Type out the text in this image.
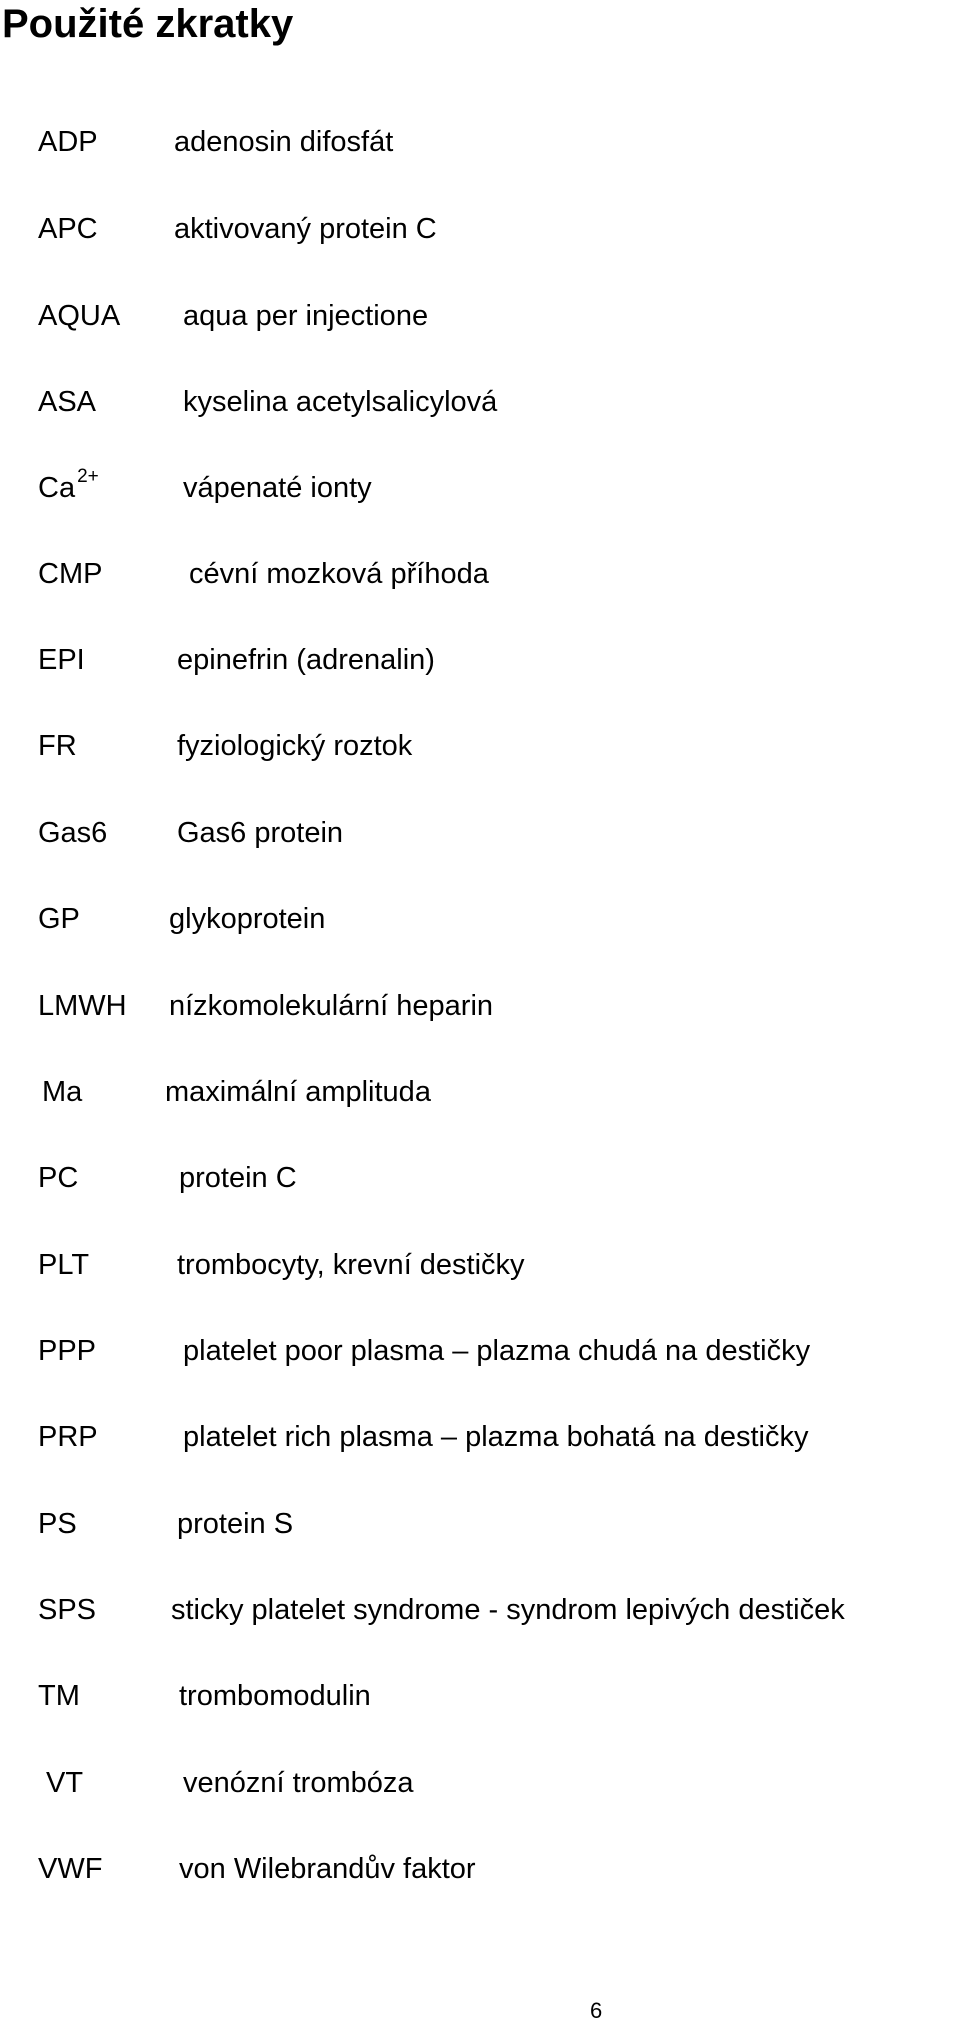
Použité zkratky
ADP	adenosin difosfát
APC	aktivovaný protein C
AQUA aqua per injectione
ASA	kyselina acetylsalicylová
Ca $^{2+}$	vápenaté ionty
CMP	cévní mozková příhoda
EPI	epinefrin (adrenalin)
FR	fyziologický roztok
Gas6 Gas6 protein
GP	glykoprotein
LMWH nízkomolekulární heparin
Ma	maximální amplituda
PC	protein C
PLT	trombocyty, krevní destičky
PPP	platelet poor plasma – plazma chudá na destičky
PRP	platelet rich plasma – plazma bohatá na destičky
PS	protein S
SPS	sticky platelet syndrome - syndrom lepivých destiček
TM	trombomodulin
VT	venózní trombóza
VWF	von Wilebrandův faktor
6
